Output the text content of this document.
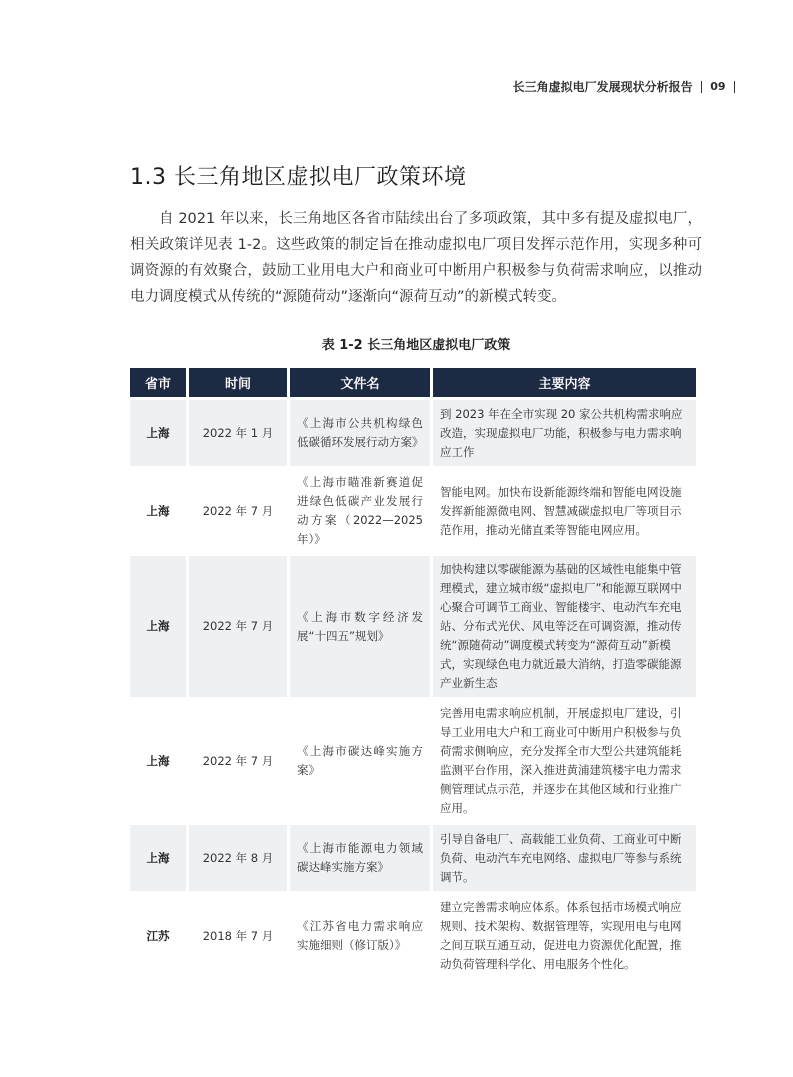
长三角虚拟电厂发展现状分析报告 09
1.3 长三角地区虚拟电厂政策环境

自 2021 年以来，长三角地区各省市陆续出台了多项政策，其中多有提及虚拟电厂，相关政策详见表 1-2。这些政策的制定旨在推动虚拟电厂项目发挥示范作用，实现多种可调资源的有效聚合，鼓励工业用电大户和商业可中断用户积极参与负荷需求响应，以推动电力调度模式从传统的“源随荷动”逐渐向“源荷互动”的新模式转变。

表 1-2 长三角地区虚拟电厂政策
省市	时间	文件名	主要内容
上海	2022 年 1 月	《上海市公共机构绿色低碳循环发展行动方案》	到 2023 年在全市实现 20 家公共机构需求响应改造，实现虚拟电厂功能，积极参与电力需求响应工作
上海	2022 年 7 月	《上海市瞄准新赛道促进绿色低碳产业发展行动方案（2022—2025年）》	智能电网。加快布设新能源终端和智能电网设施发挥新能源微电网、智慧减碳虚拟电厂等项目示范作用，推动光储直柔等智能电网应用。
上海	2022 年 7 月	《上海市数字经济发展“十四五”规划》	加快构建以零碳能源为基础的区域性电能集中管理模式，建立城市级“虚拟电厂”和能源互联网中心聚合可调节工商业、智能楼宇、电动汽车充电站、分布式光伏、风电等泛在可调资源，推动传统“源随荷动”调度模式转变为“源荷互动”新模式，实现绿色电力就近最大消纳，打造零碳能源产业新生态
上海	2022 年 7 月	《上海市碳达峰实施方案》	完善用电需求响应机制，开展虚拟电厂建设，引导工业用电大户和工商业可中断用户积极参与负荷需求侧响应，充分发挥全市大型公共建筑能耗监测平台作用，深入推进黄浦建筑楼宇电力需求侧管理试点示范，并逐步在其他区域和行业推广应用。
上海	2022 年 8 月	《上海市能源电力领域碳达峰实施方案》	引导自备电厂、高载能工业负荷、工商业可中断负荷、电动汽车充电网络、虚拟电厂等参与系统调节。
江苏	2018 年 7 月	《江苏省电力需求响应实施细则（修订版）》	建立完善需求响应体系。体系包括市场模式响应规则、技术架构、数据管理等，实现用电与电网之间互联互通互动，促进电力资源优化配置，推动负荷管理科学化、用电服务个性化。
